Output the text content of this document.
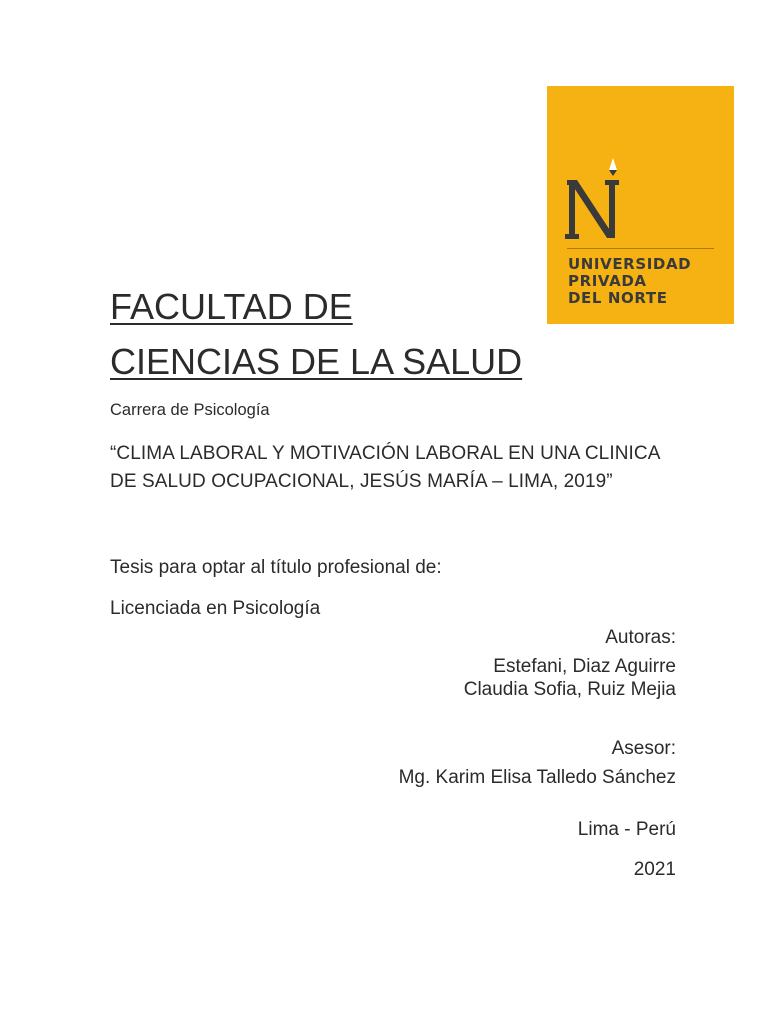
UNIVERSIDAD
PRIVADA
DEL NORTE
FACULTAD DE
CIENCIAS DE LA SALUD
Carrera de Psicología
“CLIMA LABORAL Y MOTIVACIÓN LABORAL EN UNA CLINICA DE SALUD OCUPACIONAL, JESÚS MARÍA – LIMA, 2019”
Tesis para optar al título profesional de:
Licenciada en Psicología
Autoras:
Estefani, Diaz Aguirre
Claudia Sofia, Ruiz Mejia
Asesor:
Mg. Karim Elisa Talledo Sánchez
Lima - Perú
2021
